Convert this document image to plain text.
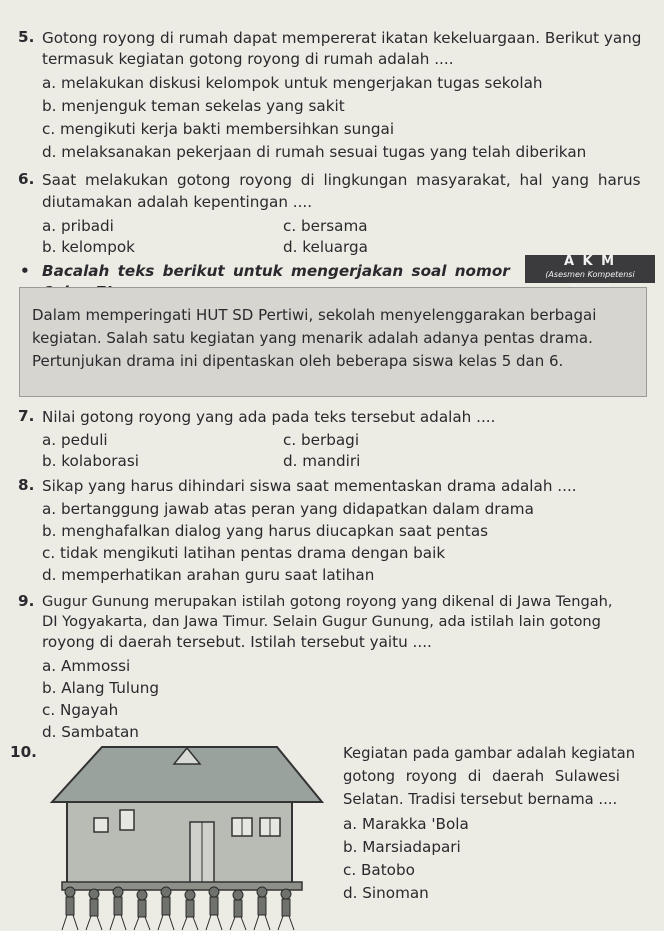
5. Gotong royong di rumah dapat mempererat ikatan kekeluargaan. Berikut yang
termasuk kegiatan gotong royong di rumah adalah ....
a. melakukan diskusi kelompok untuk mengerjakan tugas sekolah
b. menjenguk teman sekelas yang sakit
c. mengikuti kerja bakti membersihkan sungai
d. melaksanakan pekerjaan di rumah sesuai tugas yang telah diberikan
6. Saat melakukan gotong royong di lingkungan masyarakat, hal yang harus
diutamakan adalah kepentingan ....
a. pribadi	c. bersama
b. kelompok	d. keluarga
• Bacalah teks berikut untuk mengerjakan soal nomor
A K M
(Asesmen Kompetensi
Dalam memperingati HUT SD Pertiwi, sekolah menyelenggarakan berbagai
kegiatan. Salah satu kegiatan yang menarik adalah adanya pentas drama.
Pertunjukan drama ini dipentaskan oleh beberapa siswa kelas 5 dan 6.
7. Nilai gotong royong yang ada pada teks tersebut adalah ....
a. peduli	c. berbagi
b. kolaborasi	d. mandiri
8. Sikap yang harus dihindari siswa saat mementaskan drama adalah ....
a. bertanggung jawab atas peran yang didapatkan dalam drama
b. menghafalkan dialog yang harus diucapkan saat pentas
c. tidak mengikuti latihan pentas drama dengan baik
d. memperhatikan arahan guru saat latihan
9. Gugur Gunung merupakan istilah gotong royong yang dikenal di Jawa Tengah,
DI Yogyakarta, dan Jawa Timur. Selain Gugur Gunung, ada istilah lain gotong
royong di daerah tersebut. Istilah tersebut yaitu ....
a. Ammossi
b. Alang Tulung
c. Ngayah
d. Sambatan
10.	Kegiatan pada gambar adalah kegiatan
gotong royong di daerah Sulawesi
Selatan. Tradisi tersebut bernama ....
a. Marakka 'Bola
b. Marsiadapari
c. Batobo
d. Sinoman
